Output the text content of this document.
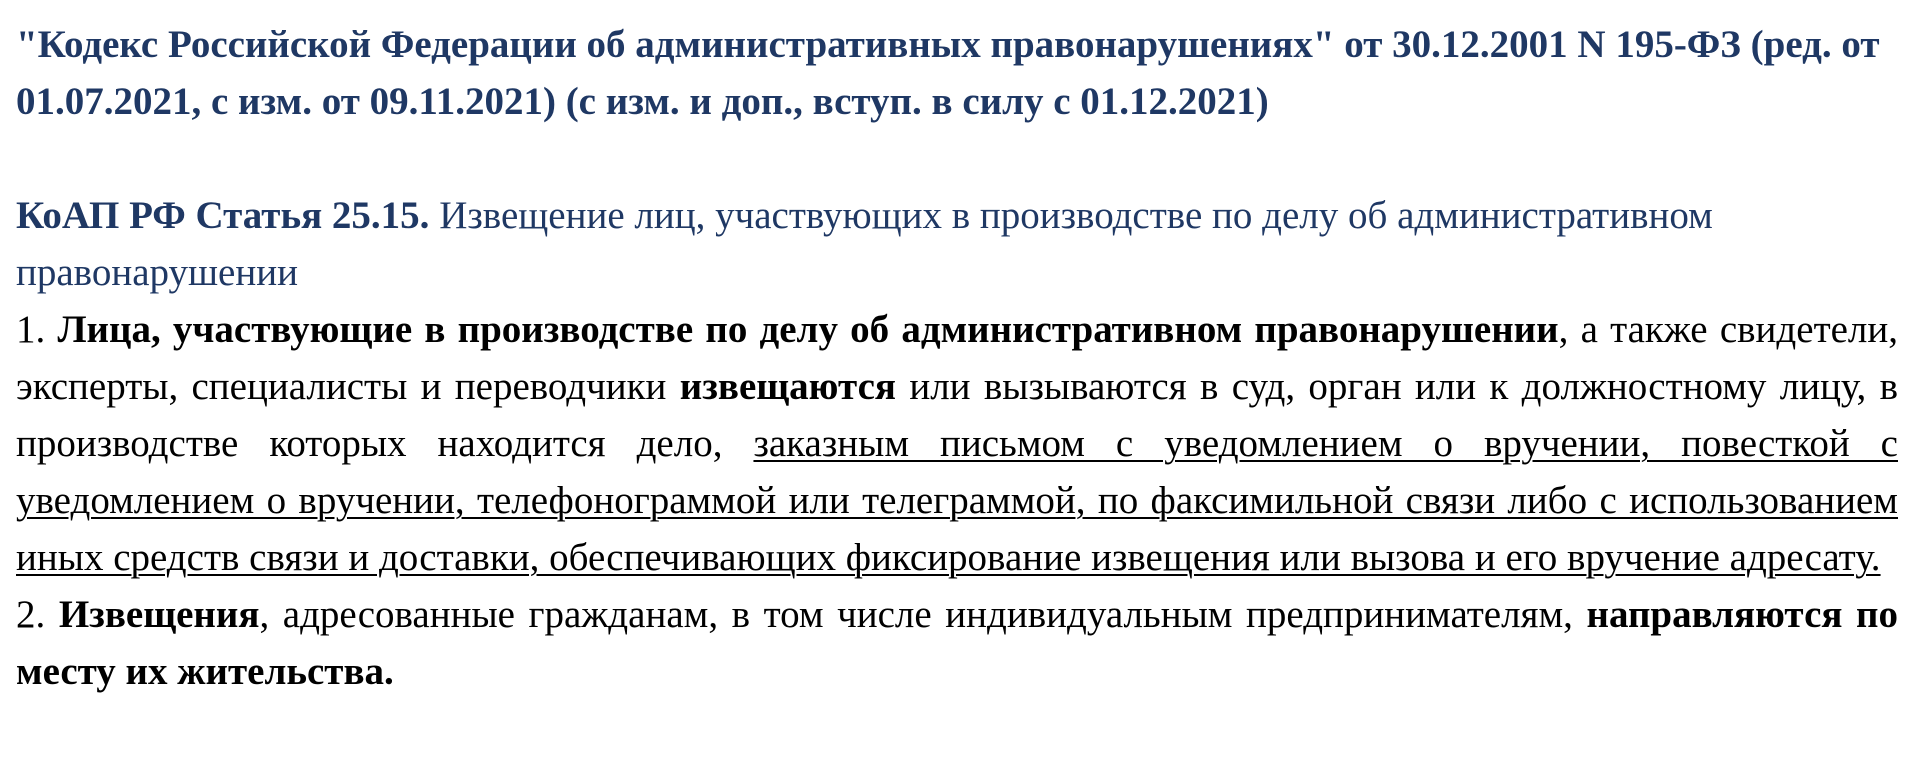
"Кодекс Российской Федерации об административных правонарушениях" от 30.12.2001 N 195-ФЗ (ред. от 01.07.2021, с изм. от 09.11.2021) (с изм. и доп., вступ. в силу с 01.12.2021)

КоАП РФ Статья 25.15. Извещение лиц, участвующих в производстве по делу об административном правонарушении

1. Лица, участвующие в производстве по делу об административном правонарушении, а также свидетели, эксперты, специалисты и переводчики извещаются или вызываются в суд, орган или к должностному лицу, в производстве которых находится дело, заказным письмом с уведомлением о вручении, повесткой с уведомлением о вручении, телефонограммой или телеграммой, по факсимильной связи либо с использованием иных средств связи и доставки, обеспечивающих фиксирование извещения или вызова и его вручение адресату.

2. Извещения, адресованные гражданам, в том числе индивидуальным предпринимателям, направляются по месту их жительства.
